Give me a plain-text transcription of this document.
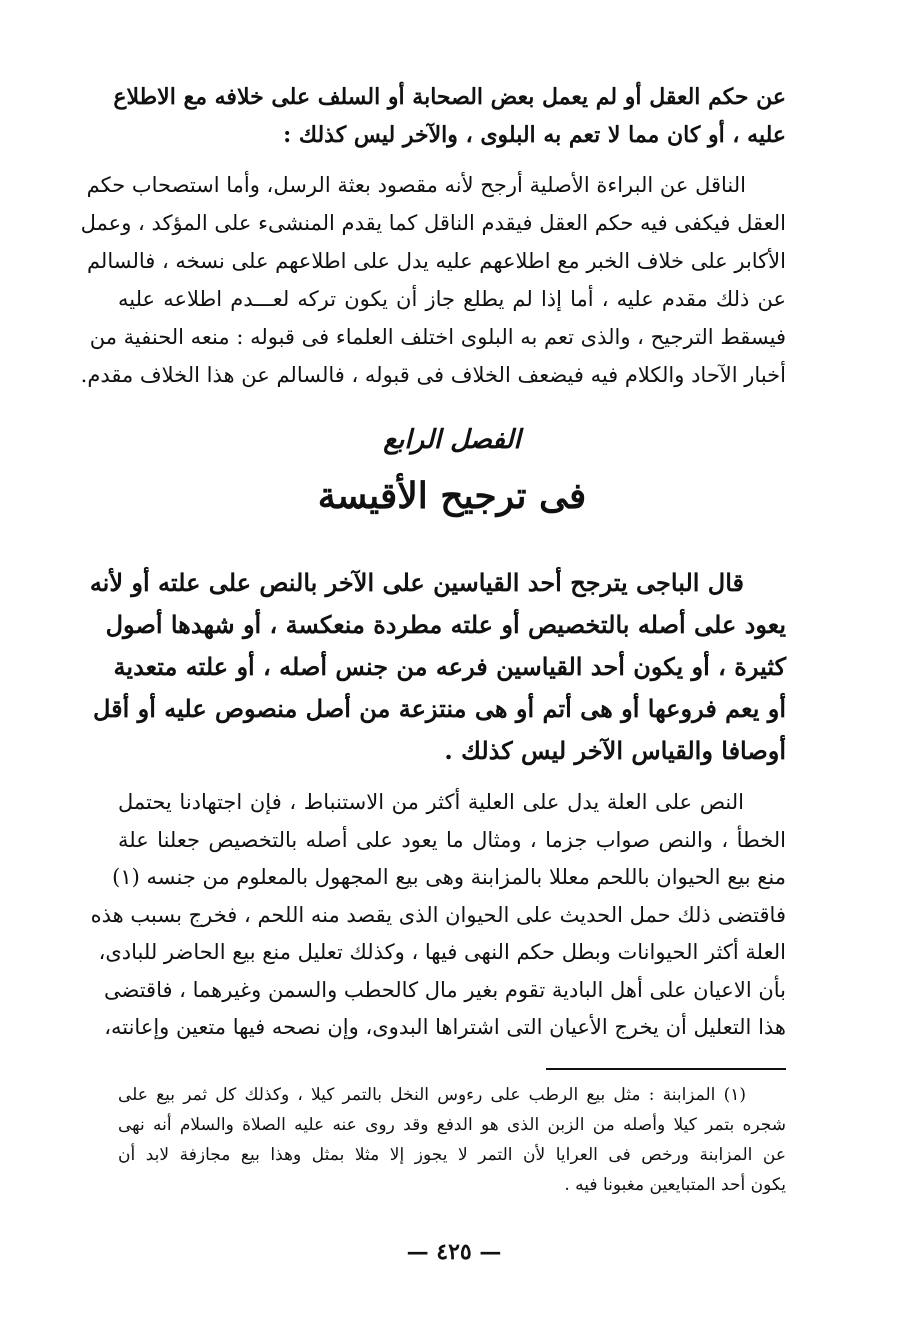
عن حكم العقل أو لم يعمل بعض الصحابة أو السلف على خلافه مع الاطلاع
عليه ، أو كان مما لا تعم به البلوى ، والآخر ليس كذلك :
الناقل عن البراءة الأصلية أرجح لأنه مقصود بعثة الرسل، وأما استصحاب حكم
العقل فيكفى فيه حكم العقل فيقدم الناقل كما يقدم المنشىء على المؤكد ، وعمل
الأكابر على خلاف الخبر مع اطلاعهم عليه يدل على اطلاعهم على نسخه ، فالسالم
عن ذلك مقدم عليه ، أما إذا لم يطلع جاز أن يكون تركه لعـــدم اطلاعه عليه
فيسقط الترجيح ، والذى تعم به البلوى اختلف العلماء فى قبوله : منعه الحنفية من
أخبار الآحاد والكلام فيه فيضعف الخلاف فى قبوله ، فالسالم عن هذا الخلاف مقدم.
الفصل الرابع
فى ترجيح الأقيسة
قال الباجى يترجح أحد القياسين على الآخر بالنص على علته أو لأنه
يعود على أصله بالتخصيص أو علته مطردة منعكسة ، أو شهدها أصول
كثيرة ، أو يكون أحد القياسين فرعه من جنس أصله ، أو علته متعدية
أو يعم فروعها أو هى أتم أو هى منتزعة من أصل منصوص عليه أو أقل
أوصافا والقياس الآخر ليس كذلك .
النص على العلة يدل على العلية أكثر من الاستنباط ، فإن اجتهادنا يحتمل
الخطأ ، والنص صواب جزما ، ومثال ما يعود على أصله بالتخصيص جعلنا علة
منع بيع الحيوان باللحم معللا بالمزابنة وهى بيع المجهول بالمعلوم من جنسه (١)
فاقتضى ذلك حمل الحديث على الحيوان الذى يقصد منه اللحم ، فخرج بسبب هذه
العلة أكثر الحيوانات وبطل حكم النهى فيها ، وكذلك تعليل منع بيع الحاضر للبادى،
بأن الاعيان على أهل البادية تقوم بغير مال كالحطب والسمن وغيرهما ، فاقتضى
هذا التعليل أن يخرج الأعيان التى اشتراها البدوى، وإن نصحه فيها متعين وإعانته،
(١) المزابنة : مثل بيع الرطب على رءوس النخل بالتمر كيلا ، وكذلك كل ثمر بيع على
شجره بتمر كيلا وأصله من الزبن الذى هو الدفع وقد روى عنه عليه الصلاة والسلام أنه نهى
عن المزابنة ورخص فى العرايا لأن التمر لا يجوز إلا مثلا بمثل وهذا بيع مجازفة لابد أن
يكون أحد المتبايعين مغبونا فيه .
— ٤٢٥ —
